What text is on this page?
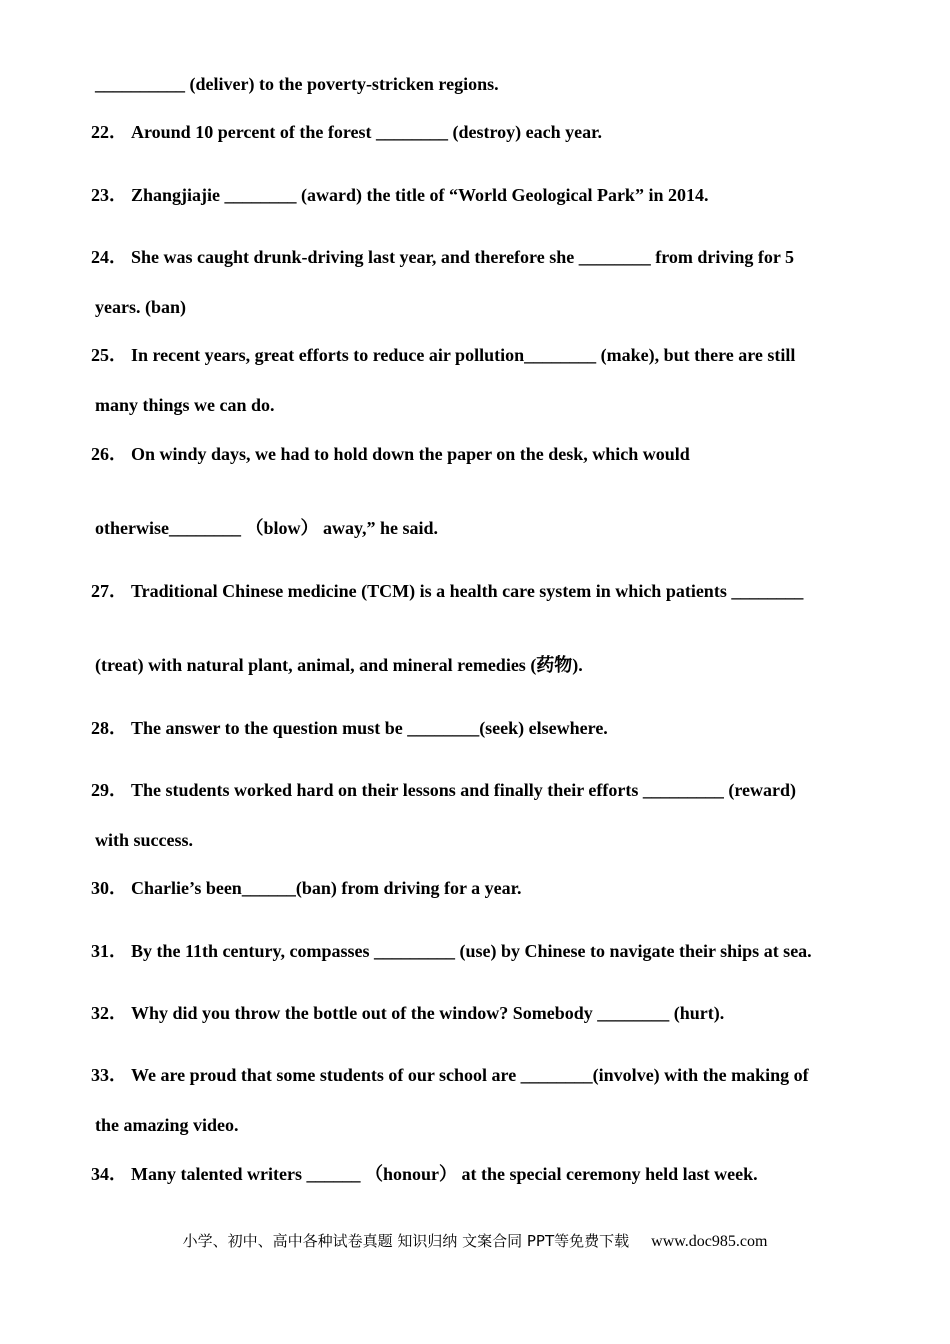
__________ (deliver) to the poverty-stricken regions.
22． Around 10 percent of the forest ________ (destroy) each year.
23． Zhangjiajie ________ (award) the title of “World Geological Park” in 2014.
24． She was caught drunk-driving last year, and therefore she ________ from driving for 5
years. (ban)
25． In recent years, great efforts to reduce air pollution________ (make), but there are still
many things we can do.
26． On windy days, we had to hold down the paper on the desk, which would
otherwise________ （blow） away,” he said.
27． Traditional Chinese medicine (TCM) is a health care system in which patients ________
(treat) with natural plant, animal, and mineral remedies (药物).
28． The answer to the question must be ________(seek) elsewhere.
29． The students worked hard on their lessons and finally their efforts _________ (reward)
with success.
30． Charlie’s been______(ban) from driving for a year.
31． By the 11th century, compasses _________ (use) by Chinese to navigate their ships at sea.
32． Why did you throw the bottle out of the window? Somebody ________ (hurt).
33． We are proud that some students of our school are ________(involve) with the making of
the amazing video.
34． Many talented writers ______ （honour） at the special ceremony held last week.
小学、初中、高中各种试卷真题 知识归纳 文案合同 PPT等免费下载 www.doc985.com
